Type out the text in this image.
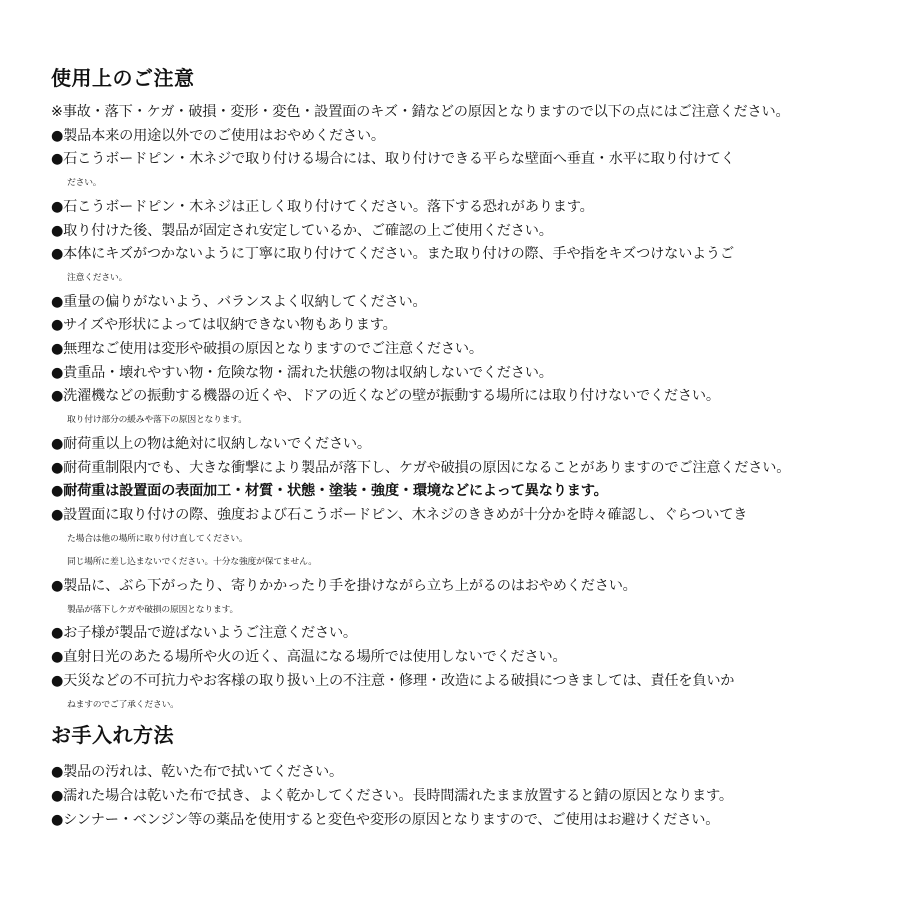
使用上のご注意
※事故・落下・ケガ・破損・変形・変色・設置面のキズ・錆などの原因となりますので以下の点にはご注意ください。
●製品本来の用途以外でのご使用はおやめください。
●石こうボードピン・木ネジで取り付ける場合には、取り付けできる平らな壁面へ垂直・水平に取り付けてく
ださい。
●石こうボードピン・木ネジは正しく取り付けてください。落下する恐れがあります。
●取り付けた後、製品が固定され安定しているか、ご確認の上ご使用ください。
●本体にキズがつかないように丁寧に取り付けてください。また取り付けの際、手や指をキズつけないようご
注意ください。
●重量の偏りがないよう、バランスよく収納してください。
●サイズや形状によっては収納できない物もあります。
●無理なご使用は変形や破損の原因となりますのでご注意ください。
●貴重品・壊れやすい物・危険な物・濡れた状態の物は収納しないでください。
●洗濯機などの振動する機器の近くや、ドアの近くなどの壁が振動する場所には取り付けないでください。
取り付け部分の緩みや落下の原因となります。
●耐荷重以上の物は絶対に収納しないでください。
●耐荷重制限内でも、大きな衝撃により製品が落下し、ケガや破損の原因になることがありますのでご注意ください。
●耐荷重は設置面の表面加工・材質・状態・塗装・強度・環境などによって異なります。
●設置面に取り付けの際、強度および石こうボードピン、木ネジのききめが十分かを時々確認し、ぐらついてき
た場合は他の場所に取り付け直してください。
同じ場所に差し込まないでください。十分な強度が保てません。
●製品に、ぶら下がったり、寄りかかったり手を掛けながら立ち上がるのはおやめください。
製品が落下しケガや破損の原因となります。
●お子様が製品で遊ばないようご注意ください。
●直射日光のあたる場所や火の近く、高温になる場所では使用しないでください。
●天災などの不可抗力やお客様の取り扱い上の不注意・修理・改造による破損につきましては、責任を負いか
ねますのでご了承ください。
お手入れ方法
●製品の汚れは、乾いた布で拭いてください。
●濡れた場合は乾いた布で拭き、よく乾かしてください。長時間濡れたまま放置すると錆の原因となります。
●シンナー・ベンジン等の薬品を使用すると変色や変形の原因となりますので、ご使用はお避けください。
